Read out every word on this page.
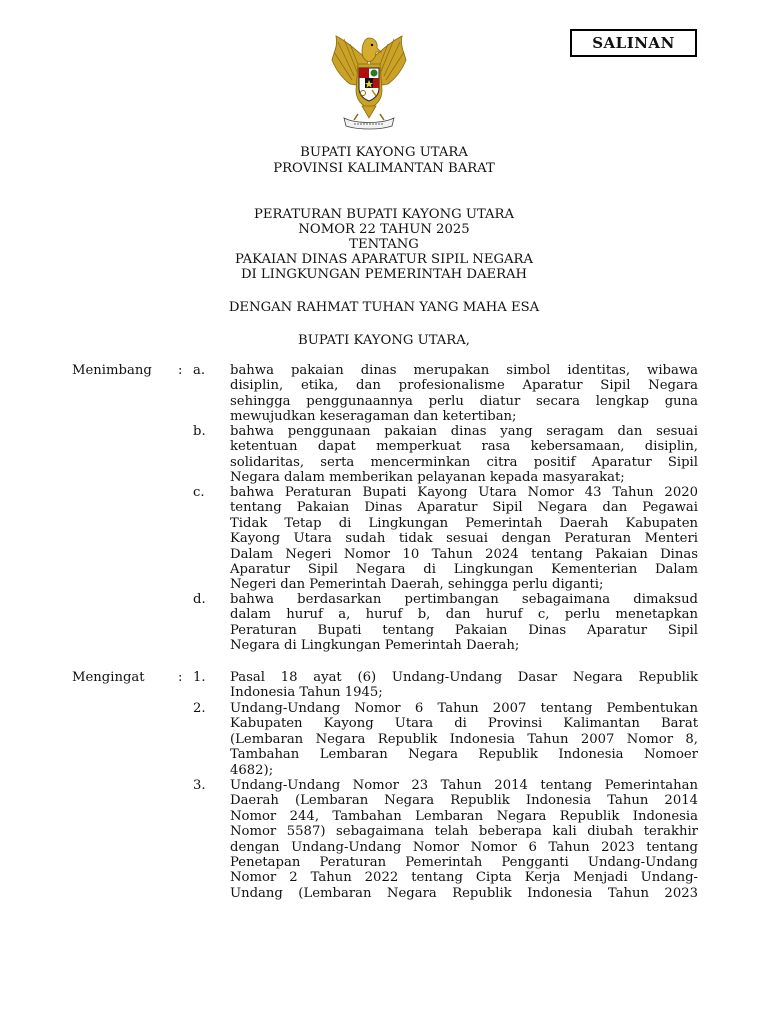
SALINAN
BUPATI KAYONG UTARA
PROVINSI KALIMANTAN BARAT
PERATURAN BUPATI KAYONG UTARA
NOMOR 22 TAHUN 2025
TENTANG
PAKAIAN DINAS APARATUR SIPIL NEGARA
DI LINGKUNGAN PEMERINTAH DAERAH
DENGAN RAHMAT TUHAN YANG MAHA ESA
BUPATI KAYONG UTARA,
Menimbang : a.	bahwa pakaian dinas merupakan simbol identitas, wibawa
disiplin, etika, dan profesionalisme Aparatur Sipil Negara
sehingga penggunaannya perlu diatur secara lengkap guna
mewujudkan keseragaman dan ketertiban;
b.	bahwa penggunaan pakaian dinas yang seragam dan sesuai
ketentuan dapat memperkuat rasa kebersamaan, disiplin,
solidaritas, serta mencerminkan citra positif Aparatur Sipil
Negara dalam memberikan pelayanan kepada masyarakat;
c.	bahwa Peraturan Bupati Kayong Utara Nomor 43 Tahun 2020
tentang Pakaian Dinas Aparatur Sipil Negara dan Pegawai
Tidak Tetap di Lingkungan Pemerintah Daerah Kabupaten
Kayong Utara sudah tidak sesuai dengan Peraturan Menteri
Dalam Negeri Nomor 10 Tahun 2024 tentang Pakaian Dinas
Aparatur Sipil Negara di Lingkungan Kementerian Dalam
Negeri dan Pemerintah Daerah, sehingga perlu diganti;
d.	bahwa berdasarkan pertimbangan sebagaimana dimaksud
dalam huruf a, huruf b, dan huruf c, perlu menetapkan
Peraturan Bupati tentang Pakaian Dinas Aparatur Sipil
Negara di Lingkungan Pemerintah Daerah;
Mengingat	: 1.	Pasal 18 ayat (6) Undang-Undang Dasar Negara Republik
Indonesia Tahun 1945;
2.	Undang-Undang Nomor 6 Tahun 2007 tentang Pembentukan
Kabupaten Kayong Utara di Provinsi Kalimantan Barat
(Lembaran Negara Republik Indonesia Tahun 2007 Nomor 8,
Tambahan Lembaran Negara Republik Indonesia Nomoer
4682);
3.	Undang-Undang Nomor 23 Tahun 2014 tentang Pemerintahan
Daerah (Lembaran Negara Republik Indonesia Tahun 2014
Nomor 244, Tambahan Lembaran Negara Republik Indonesia
Nomor 5587) sebagaimana telah beberapa kali diubah terakhir
dengan Undang-Undang Nomor Nomor 6 Tahun 2023 tentang
Penetapan Peraturan Pemerintah Pengganti Undang-Undang
Nomor 2 Tahun 2022 tentang Cipta Kerja Menjadi Undang-
Undang (Lembaran Negara Republik Indonesia Tahun 2023
